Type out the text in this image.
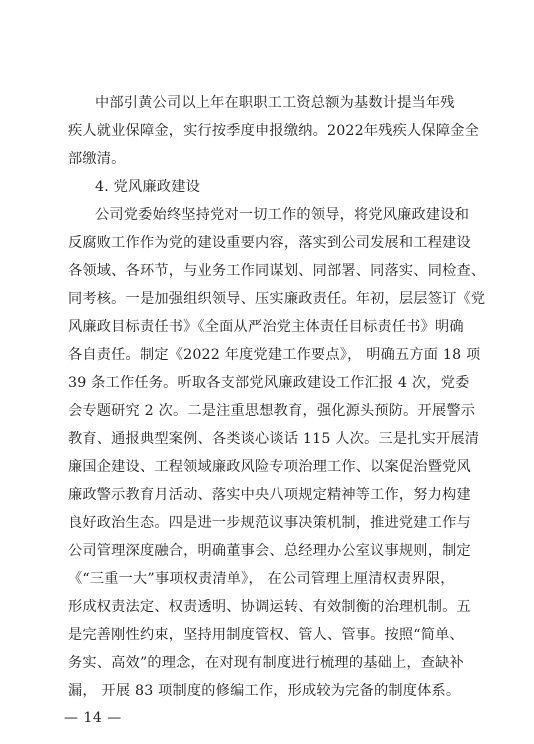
中部引黄公司以上年在职职工工资总额为基数计提当年残
疾人就业保障金，实行按季度申报缴纳。2022年残疾人保障金全
部缴清。
4. 党风廉政建设
公司党委始终坚持党对一切工作的领导，将党风廉政建设和
反腐败工作作为党的建设重要内容，落实到公司发展和工程建设
各领域、各环节，与业务工作同谋划、同部署、同落实、同检查、
同考核。一是加强组织领导、压实廉政责任。年初，层层签订《党
风廉政目标责任书》《全面从严治党主体责任目标责任书》明确
各自责任。制定《2022 年度党建工作要点》， 明确五方面 18 项
39 条工作任务。听取各支部党风廉政建设工作汇报 4 次，党委
会专题研究 2 次。二是注重思想教育，强化源头预防。开展警示
教育、通报典型案例、各类谈心谈话 115 人次。三是扎实开展清
廉国企建设、工程领域廉政风险专项治理工作、以案促治暨党风
廉政警示教育月活动、落实中央八项规定精神等工作，努力构建
良好政治生态。四是进一步规范议事决策机制，推进党建工作与
公司管理深度融合，明确董事会、总经理办公室议事规则，制定
《“三重一大”事项权责清单》， 在公司管理上厘清权责界限，
形成权责法定、权责透明、协调运转、有效制衡的治理机制。五
是完善刚性约束，坚持用制度管权、管人、管事。按照“简单、
务实、高效”的理念，在对现有制度进行梳理的基础上，查缺补
漏， 开展 83 项制度的修编工作，形成较为完备的制度体系。
— 14 —
